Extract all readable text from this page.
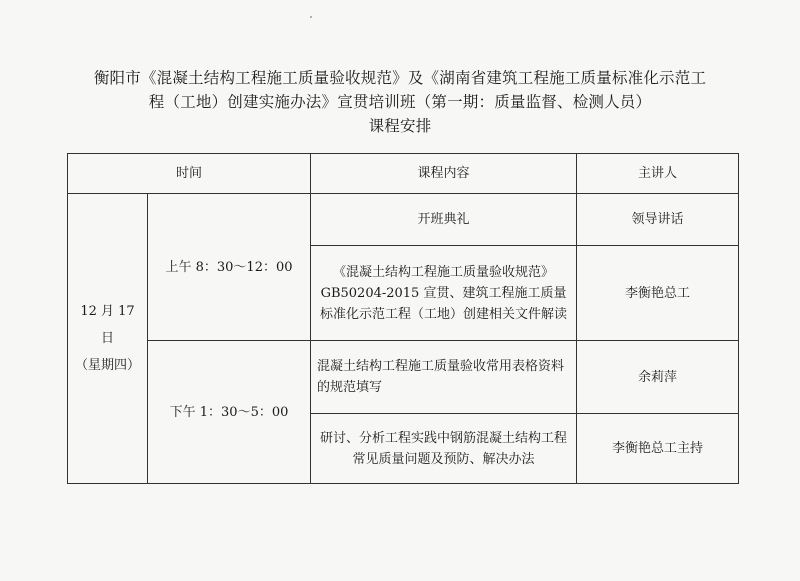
衡阳市《混凝土结构工程施工质量验收规范》及《湖南省建筑工程施工质量标准化示范工
程（工地）创建实施办法》宣贯培训班（第一期：质量监督、检测人员）
课程安排
时间		课程内容	主讲人

12 月 17 日
（星期四）	上午 8：30～12：00	开班典礼	领导讲话
		《混凝土结构工程施工质量验收规范》GB50204-2015 宣贯、建筑工程施工质量标准化示范工程（工地）创建相关文件解读	李衡艳总工
	下午 1：30～5：00	混凝土结构工程施工质量验收常用表格资料的规范填写	余莉萍
		研讨、分析工程实践中钢筋混凝土结构工程常见质量问题及预防、解决办法	李衡艳总工主持
